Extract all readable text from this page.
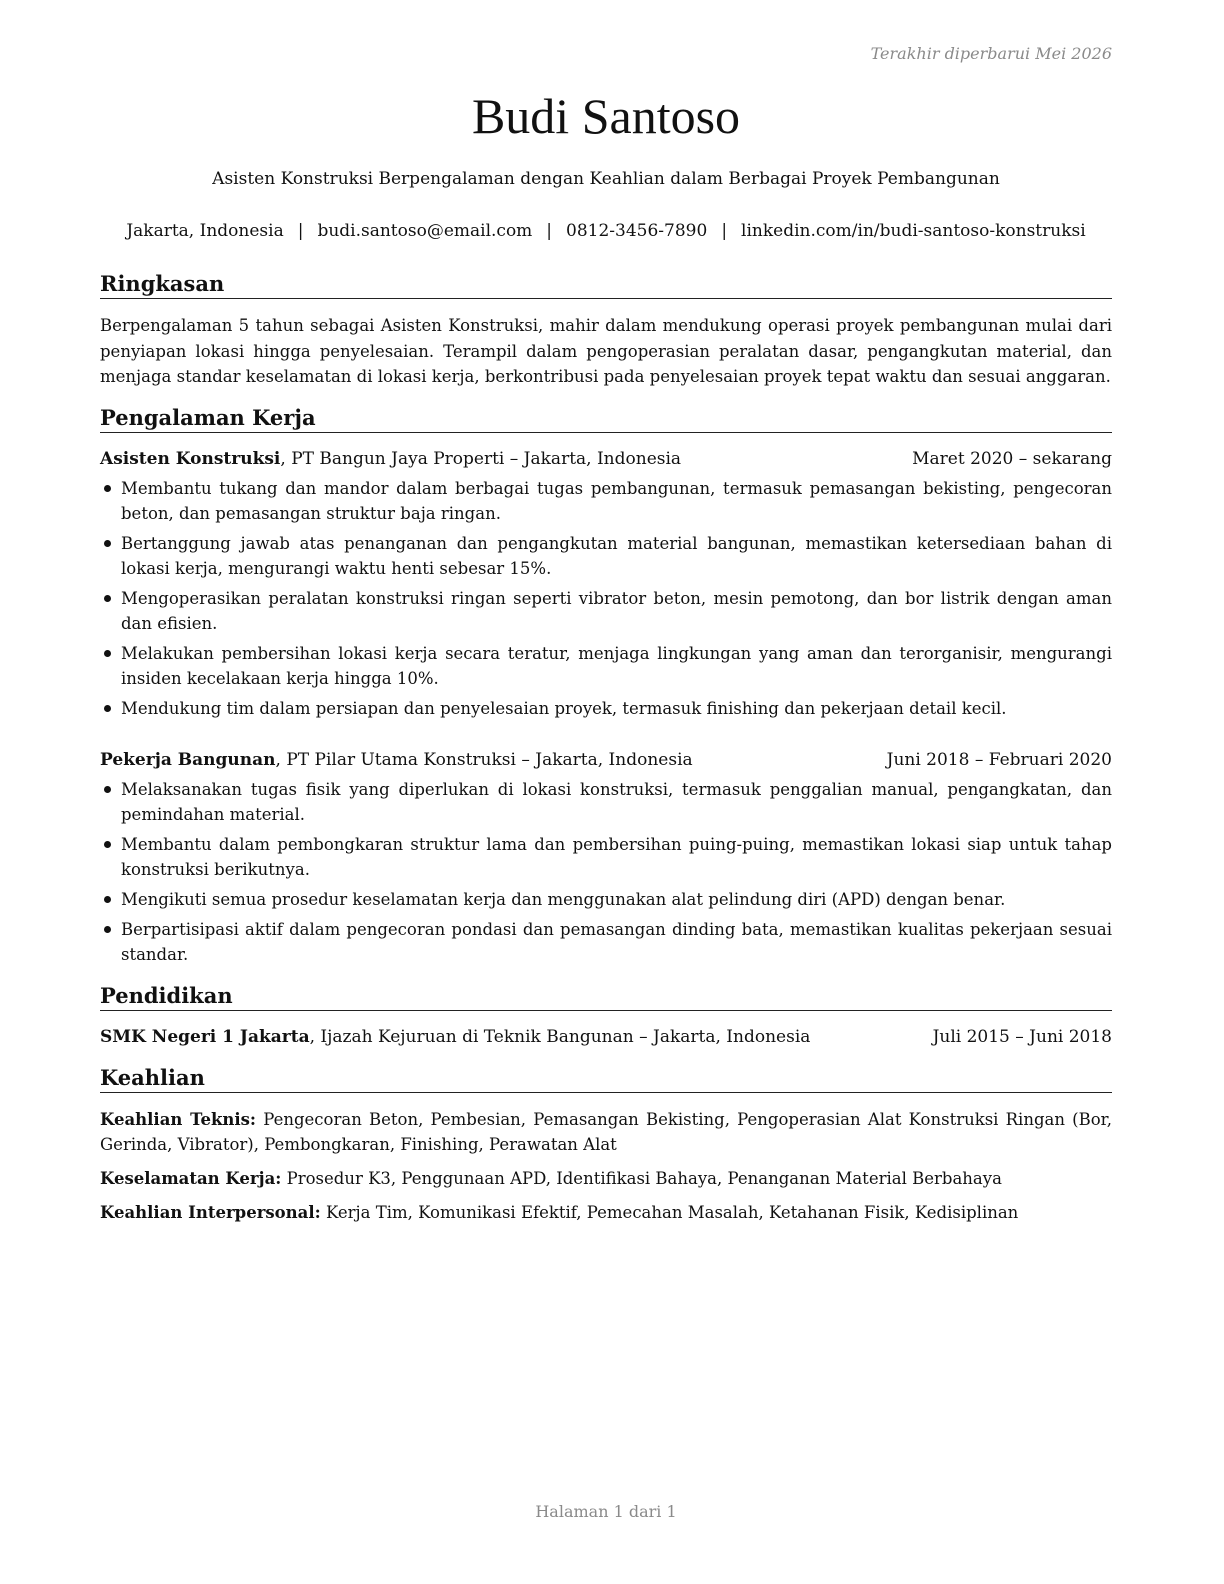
Terakhir diperbarui Mei 2026
Budi Santoso
Asisten Konstruksi Berpengalaman dengan Keahlian dalam Berbagai Proyek Pembangunan
Jakarta, Indonesia | budi.santoso@email.com | 0812-3456-7890 | linkedin.com/in/budi-santoso-konstruksi
Ringkasan

Berpengalaman 5 tahun sebagai Asisten Konstruksi, mahir dalam mendukung operasi proyek pembangunan mulai dari penyiapan lokasi hingga penyelesaian. Terampil dalam pengoperasian peralatan dasar, pengangkutan material, dan menjaga standar keselamatan di lokasi kerja, berkontribusi pada penyelesaian proyek tepat waktu dan sesuai anggaran.

Pengalaman Kerja
Asisten Konstruksi, PT Bangun Jaya Properti – Jakarta, Indonesia	Maret 2020 – sekarang
Membantu tukang dan mandor dalam berbagai tugas pembangunan, termasuk pemasangan bekisting, pengecoran beton, dan pemasangan struktur baja ringan.
Bertanggung jawab atas penanganan dan pengangkutan material bangunan, memastikan ketersediaan bahan di lokasi kerja, mengurangi waktu henti sebesar 15%.
Mengoperasikan peralatan konstruksi ringan seperti vibrator beton, mesin pemotong, dan bor listrik dengan aman dan efisien.
Melakukan pembersihan lokasi kerja secara teratur, menjaga lingkungan yang aman dan terorganisir, mengurangi insiden kecelakaan kerja hingga 10%.
Mendukung tim dalam persiapan dan penyelesaian proyek, termasuk finishing dan pekerjaan detail kecil.
Pekerja Bangunan, PT Pilar Utama Konstruksi – Jakarta, Indonesia	Juni 2018 – Februari 2020
Melaksanakan tugas fisik yang diperlukan di lokasi konstruksi, termasuk penggalian manual, pengangkatan, dan pemindahan material.
Membantu dalam pembongkaran struktur lama dan pembersihan puing-puing, memastikan lokasi siap untuk tahap konstruksi berikutnya.
Mengikuti semua prosedur keselamatan kerja dan menggunakan alat pelindung diri (APD) dengan benar.
Berpartisipasi aktif dalam pengecoran pondasi dan pemasangan dinding bata, memastikan kualitas pekerjaan sesuai standar.
Pendidikan
SMK Negeri 1 Jakarta, Ijazah Kejuruan di Teknik Bangunan – Jakarta, Indonesia	Juli 2015 – Juni 2018
Keahlian

Keahlian Teknis: Pengecoran Beton, Pembesian, Pemasangan Bekisting, Pengoperasian Alat Konstruksi Ringan (Bor, Gerinda, Vibrator), Pembongkaran, Finishing, Perawatan Alat

Keselamatan Kerja: Prosedur K3, Penggunaan APD, Identifikasi Bahaya, Penanganan Material Berbahaya

Keahlian Interpersonal: Kerja Tim, Komunikasi Efektif, Pemecahan Masalah, Ketahanan Fisik, Kedisiplinan

Halaman 1 dari 1
